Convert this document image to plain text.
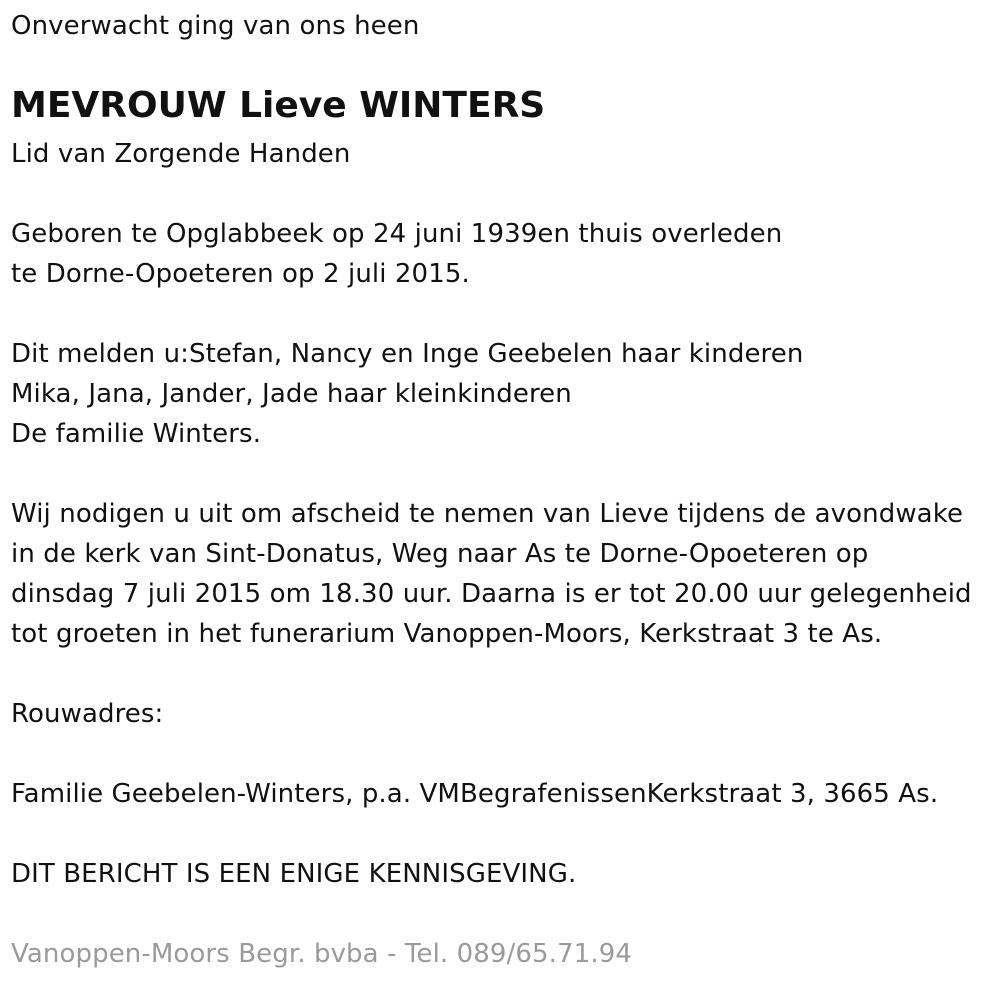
Onverwacht ging van ons heen
MEVROUW Lieve WINTERS
Lid van Zorgende Handen
Geboren te Opglabbeek op 24 juni 1939en thuis overleden
te Dorne-Opoeteren op 2 juli 2015.
Dit melden u:Stefan, Nancy en Inge Geebelen haar kinderen
Mika, Jana, Jander, Jade haar kleinkinderen
De familie Winters.
Wij nodigen u uit om afscheid te nemen van Lieve tijdens de avondwake
in de kerk van Sint-Donatus, Weg naar As te Dorne-Opoeteren op
dinsdag 7 juli 2015 om 18.30 uur. Daarna is er tot 20.00 uur gelegenheid
tot groeten in het funerarium Vanoppen-Moors, Kerkstraat 3 te As.
Rouwadres:
Familie Geebelen-Winters, p.a. VMBegrafenissenKerkstraat 3, 3665 As.
DIT BERICHT IS EEN ENIGE KENNISGEVING.
Vanoppen-Moors Begr. bvba - Tel. 089/65.71.94
